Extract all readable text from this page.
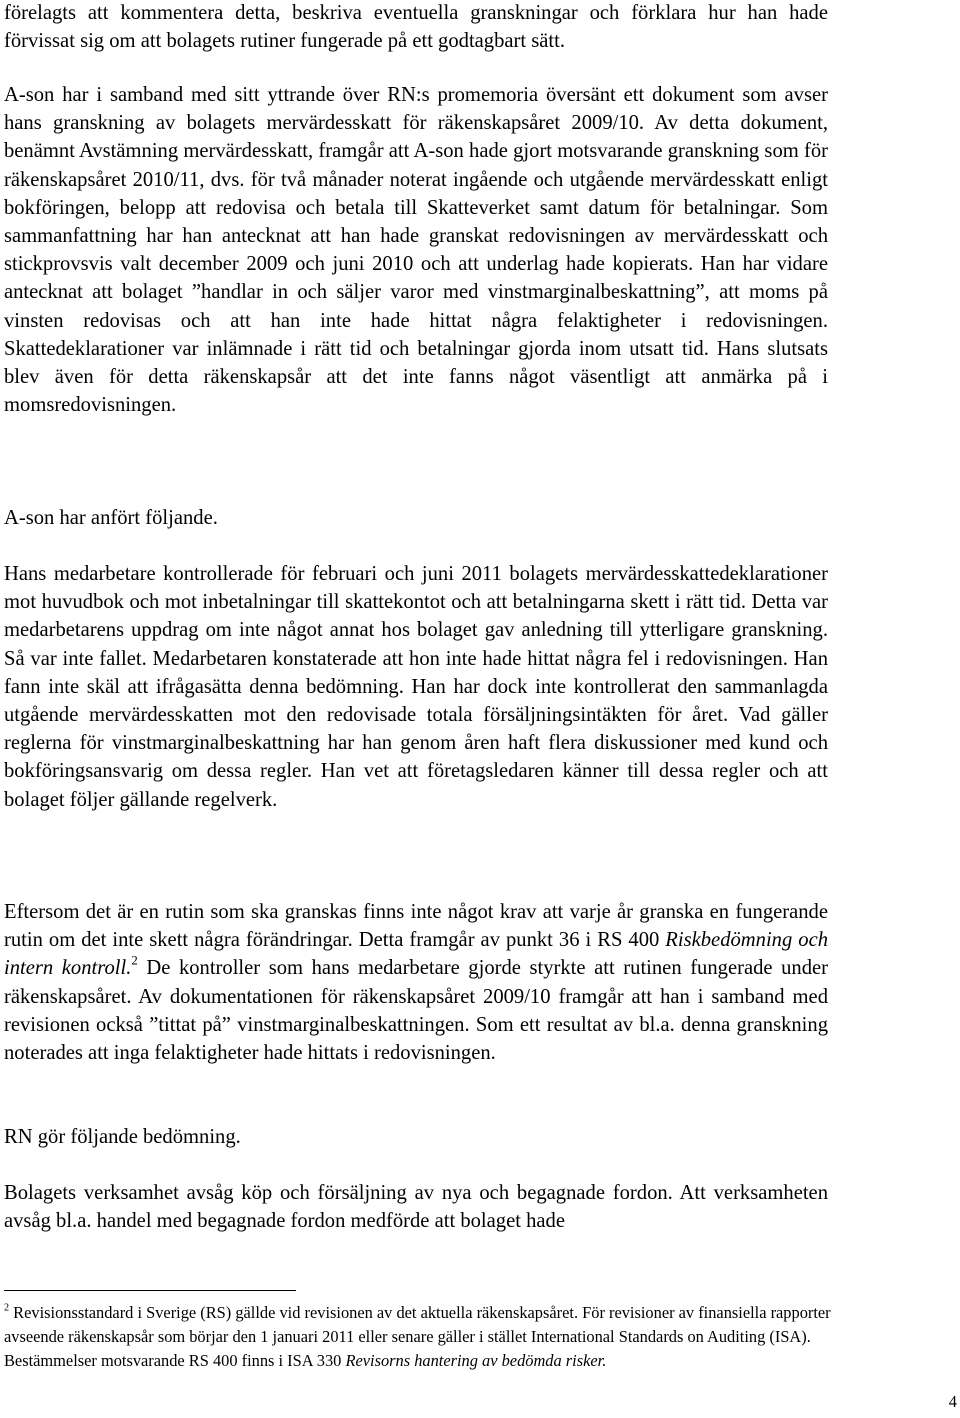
förelagts att kommentera detta, beskriva eventuella granskningar och förklara hur han hade förvissat sig om att bolagets rutiner fungerade på ett godtagbart sätt.

A-son har i samband med sitt yttrande över RN:s promemoria översänt ett dokument som avser hans granskning av bolagets mervärdesskatt för räkenskapsåret 2009/10. Av detta dokument, benämnt Avstämning mervärdesskatt, framgår att A-son hade gjort motsvarande granskning som för räkenskapsåret 2010/11, dvs. för två månader noterat ingående och utgående mervärdesskatt enligt bokföringen, belopp att redovisa och betala till Skatteverket samt datum för betalningar. Som sammanfattning har han antecknat att han hade granskat redovisningen av mervärdesskatt och stickprovsvis valt december 2009 och juni 2010 och att underlag hade kopierats. Han har vidare antecknat att bolaget ”handlar in och säljer varor med vinstmarginalbeskattning”, att moms på vinsten redovisas och att han inte hade hittat några felaktigheter i redovisningen. Skattedeklarationer var inlämnade i rätt tid och betalningar gjorda inom utsatt tid. Hans slutsats blev även för detta räkenskapsår att det inte fanns något väsentligt att anmärka på i momsredovisningen.

A-son har anfört följande.

Hans medarbetare kontrollerade för februari och juni 2011 bolagets mervärdesskattedeklarationer mot huvudbok och mot inbetalningar till skattekontot och att betalningarna skett i rätt tid. Detta var medarbetarens uppdrag om inte något annat hos bolaget gav anledning till ytterligare granskning. Så var inte fallet. Medarbetaren konstaterade att hon inte hade hittat några fel i redovisningen. Han fann inte skäl att ifrågasätta denna bedömning. Han har dock inte kontrollerat den sammanlagda utgående mervärdesskatten mot den redovisade totala försäljningsintäkten för året. Vad gäller reglerna för vinstmarginalbeskattning har han genom åren haft flera diskussioner med kund och bokföringsansvarig om dessa regler. Han vet att företagsledaren känner till dessa regler och att bolaget följer gällande regelverk.

Eftersom det är en rutin som ska granskas finns inte något krav att varje år granska en fungerande rutin om det inte skett några förändringar. Detta framgår av punkt 36 i RS 400 Riskbedömning och intern kontroll.$^2$ De kontroller som hans medarbetare gjorde styrkte att rutinen fungerade under räkenskapsåret. Av dokumentationen för räkenskapsåret 2009/10 framgår att han i samband med revisionen också ”tittat på” vinstmarginalbeskattningen. Som ett resultat av bl.a. denna granskning noterades att inga felaktigheter hade hittats i redovisningen.

RN gör följande bedömning.

Bolagets verksamhet avsåg köp och försäljning av nya och begagnade fordon. Att verksamheten avsåg bl.a. handel med begagnade fordon medförde att bolaget hade

$^2$ Revisionsstandard i Sverige (RS) gällde vid revisionen av det aktuella räkenskapsåret. För revisioner av finansiella rapporter avseende räkenskapsår som börjar den 1 januari 2011 eller senare gäller i stället International Standards on Auditing (ISA). Bestämmelser motsvarande RS 400 finns i ISA 330 Revisorns hantering av bedömda risker.

4
